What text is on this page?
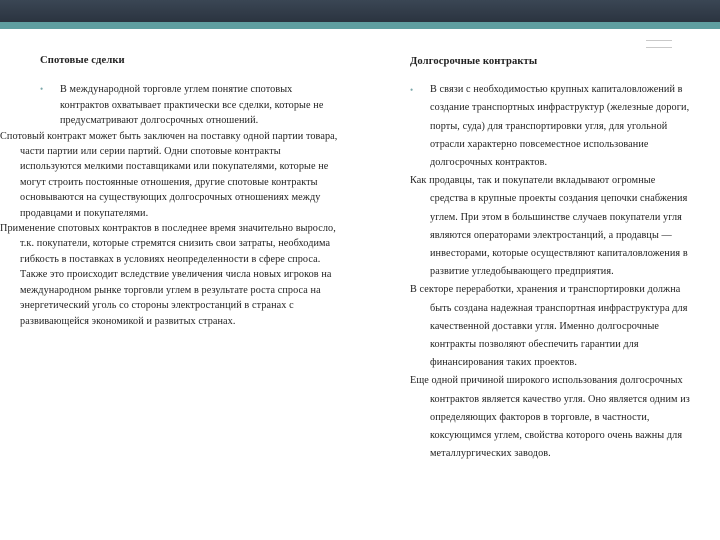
Спотовые сделки

• В международной торговле углем понятие спотовых контрактов охватывает практически все сделки, которые не предусматривают долгосрочных отношений.

Спотовый контракт может быть заключен на поставку одной партии товара, части партии или серии партий. Одни спотовые контракты используются мелкими поставщиками или покупателями, которые не могут строить постоянные отношения, другие спотовые контракты основываются на существующих долгосрочных отношениях между продавцами и покупателями.

Применение спотовых контрактов в последнее время значительно выросло, т.к. покупатели, которые стремятся снизить свои затраты, необходима гибкость в поставках в условиях неопределенности в сфере спроса. Также это происходит вследствие увеличения числа новых игроков на международном рынке торговли углем в результате роста спроса на энергетический уголь со стороны электростанций в странах с развивающейся экономикой и развитых странах.

Долгосрочные контракты

• В связи с необходимостью крупных капиталовложений в создание транспортных инфраструктур (железные дороги, порты, суда) для транспортировки угля, для угольной отрасли характерно повсеместное использование долгосрочных контрактов.

Как продавцы, так и покупатели вкладывают огромные средства в крупные проекты создания цепочки снабжения углем. При этом в большинстве случаев покупатели угля являются операторами электростанций, а продавцы — инвесторами, которые осуществляют капиталовложения в развитие угледобывающего предприятия.

В секторе переработки, хранения и транспортировки должна быть создана надежная транспортная инфраструктура для качественной доставки угля. Именно долгосрочные контракты позволяют обеспечить гарантии для финансирования таких проектов.

Еще одной причиной широкого использования долгосрочных контрактов является качество угля. Оно является одним из определяющих факторов в торговле, в частности, коксующимся углем, свойства которого очень важны для металлургических заводов.
